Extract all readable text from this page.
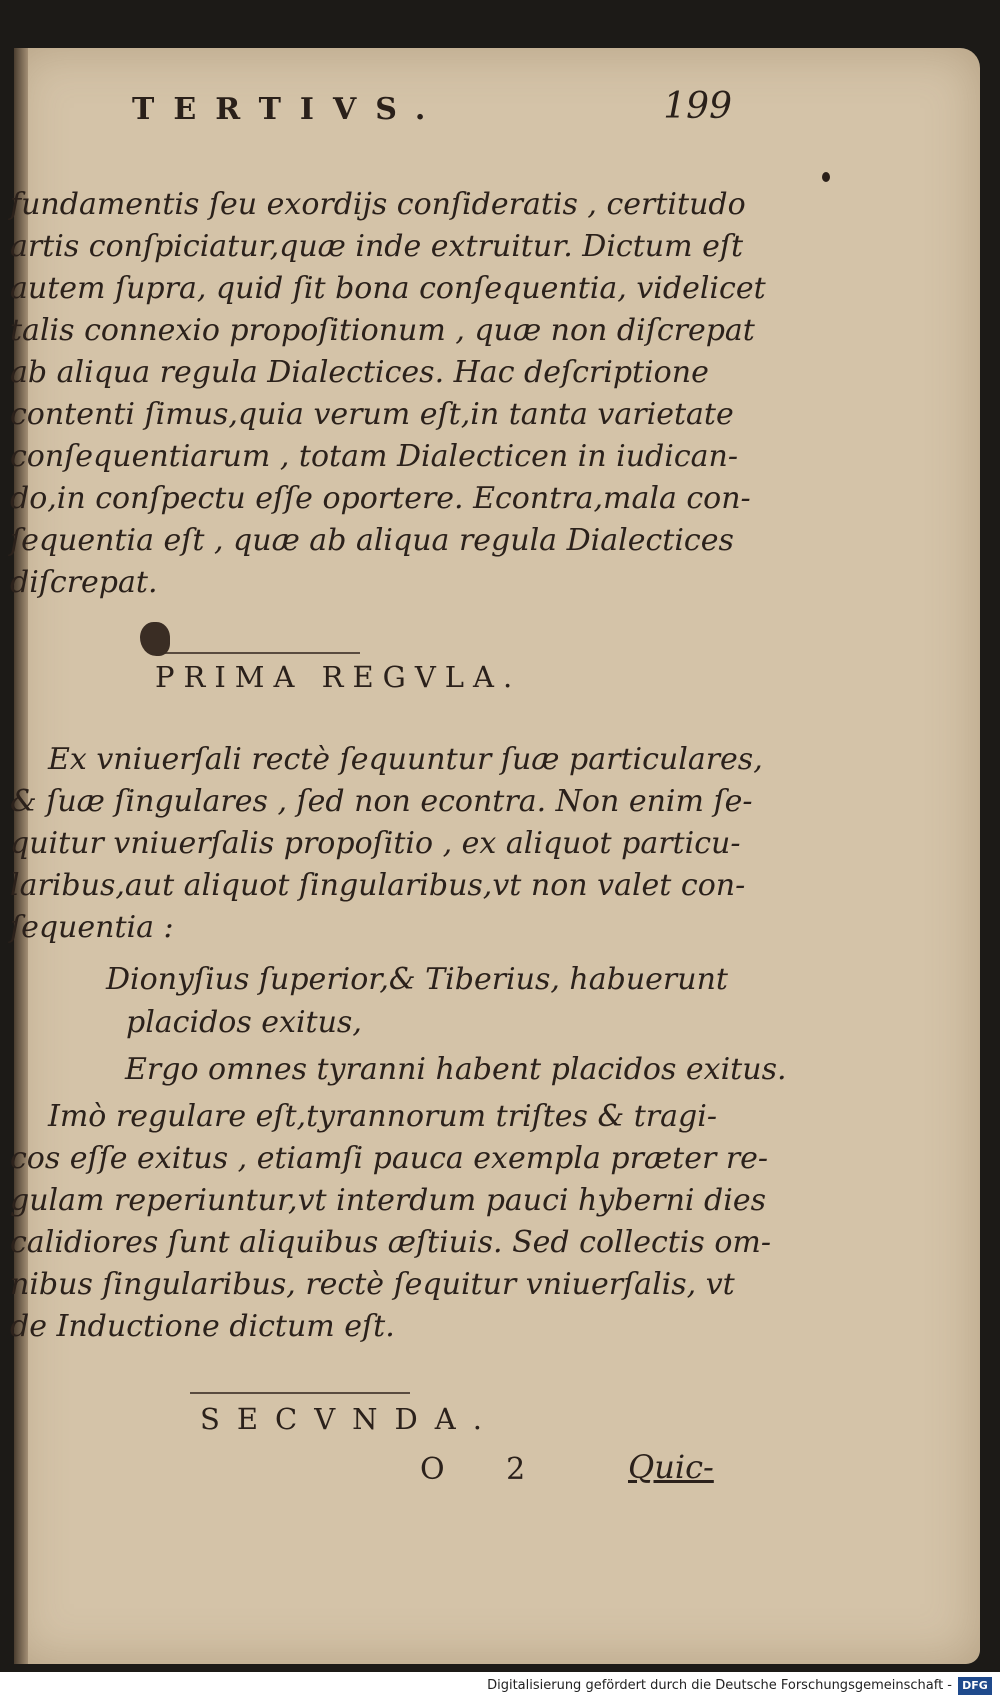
TERTIVS.	199
fundamentis ſeu exordijs conſideratis , certitudo
artis conſpiciatur,quæ inde extruitur. Dictum eſt
autem ſupra, quid ſit bona conſequentia, videlicet
talis connexio propoſitionum , quæ non diſcrepat
ab aliqua regula Dialectices. Hac deſcriptione
contenti ſimus,quia verum eſt,in tanta varietate
conſequentiarum , totam Dialecticen in iudican-
do,in conſpectu eſſe oportere. Econtra,mala con-
ſequentia eſt , quæ ab aliqua regula Dialectices
diſcrepat.
Ex vniuerſali rectè ſequuntur ſuæ particulares,
& ſuæ ſingulares , ſed non econtra. Non enim ſe-
quitur vniuerſalis propoſitio , ex aliquot particu-
laribus,aut aliquot ſingularibus,vt non valet con-
ſequentia :
Dionyſius ſuperior,& Tiberius, habuerunt
placidos exitus,
Ergo omnes tyranni habent placidos exitus.
Imò regulare eſt,tyrannorum triſtes & tragi-
cos eſſe exitus , etiamſi pauca exempla præter re-
gulam reperiuntur,vt interdum pauci hyberni dies
calidiores ſunt aliquibus æſtiuis. Sed collectis om-
nibus ſingularibus, rectè ſequitur vniuerſalis, vt
de Inductione dictum eſt.
PRIMA REGVLA.
SECVNDA.
O 2 Quic-
Digitalisierung gefördert durch die Deutsche Forschungsgemeinschaft - DFG
